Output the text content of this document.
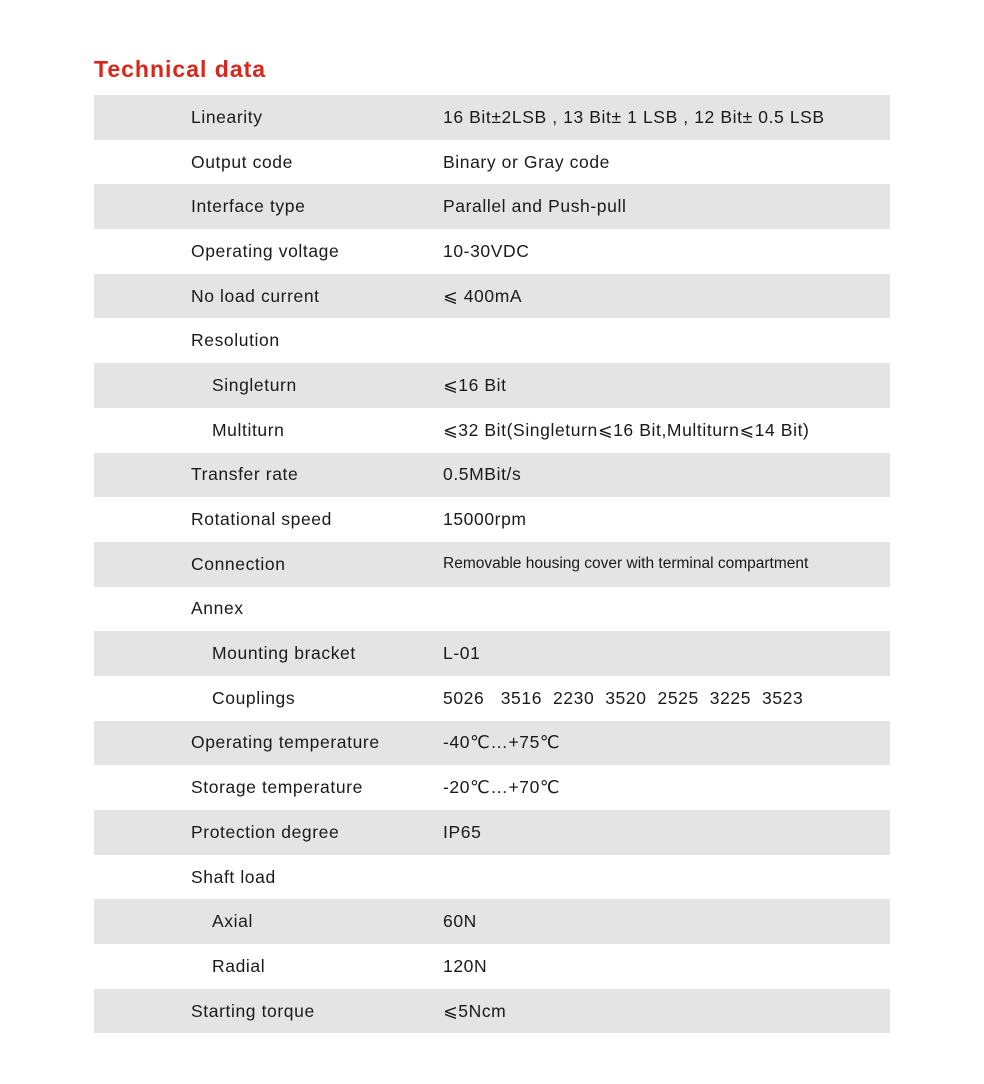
Technical data
Linearity	16 Bit±2LSB , 13 Bit± 1 LSB , 12 Bit± 0.5 LSB
Output code	Binary or Gray code
Interface type	Parallel and Push-pull
Operating voltage	10-30VDC
No load current	⩽ 400mA
Resolution
Singleturn	⩽16 Bit
Multiturn	⩽32 Bit(Singleturn⩽16 Bit,Multiturn⩽14 Bit)
Transfer rate	0.5MBit/s
Rotational speed	15000rpm
Connection	Removable housing cover with terminal compartment
Annex
Mounting bracket	L-01
Couplings	5026   3516  2230  3520  2525  3225  3523
Operating temperature	-40℃…+75℃
Storage temperature	-20℃…+70℃
Protection degree	IP65
Shaft load
Axial	60N
Radial	120N
Starting torque	⩽5Ncm
